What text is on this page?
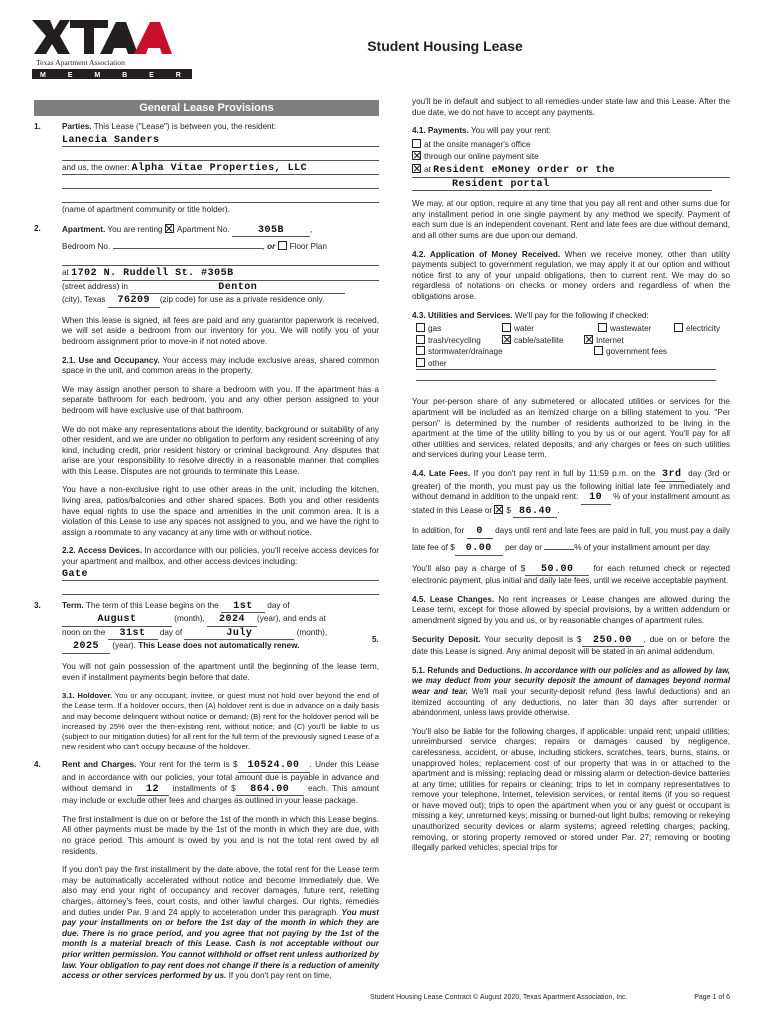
Texas Apartment Association
M E M B E R
Student Housing Lease
General Lease Provisions
1.	Parties. This Lease ("Lease") is between you, the resident:

Lanecia Sanders
and us, the owner: Alpha Vitae Properties, LLC

(name of apartment community or title holder).

2.	Apartment. You are renting Apartment No.	305B	,

Bedroom No.	, or Floor Plan

at 1702 N. Ruddell St. #305B

(street address) in	Denton

(city), Texas 76209 (zip code) for use as a private residence only.

When this lease is signed, all fees are paid and any guarantor paperwork is received, we will set aside a bedroom from our inventory for you. We will notify you of your bedroom assignment prior to move-in if not noted above.

2.1. Use and Occupancy. Your access may include exclusive areas, shared common space in the unit, and common areas in the property.

We may assign another person to share a bedroom with you. If the apartment has a separate bathroom for each bedroom, you and any other person assigned to your bedroom will have exclusive use of that bathroom.

We do not make any representations about the identity, background or suitability of any other resident, and we are under no obligation to perform any resident screening of any kind, including credit, prior resident history or criminal background. Any disputes that arise are your responsibility to resolve directly in a reasonable manner that complies with this Lease. Disputes are not grounds to terminate this Lease.

You have a non-exclusive right to use other areas in the unit, including the kitchen, living area, patios/balconies and other shared spaces. Both you and other residents have equal rights to use the space and amenities in the unit common area. It is a violation of this Lease to use any spaces not assigned to you, and we have the right to assign a roommate to any vacancy at any time with or without notice.

2.2. Access Devices. In accordance with our policies, you'll receive access devices for your apartment and mailbox, and other access devices including:

Gate
3.	Term. The term of this Lease begins on the 1st day of

August	(month), 2024 (year), and ends at

noon on the 31st day of	July	(month),

2025 (year). This Lease does not automatically renew.

You will not gain possession of the apartment until the beginning of the lease term, even if installment payments begin before that date.

3.1. Holdover. You or any occupant, invitee, or guest must not hold over beyond the end of the Lease term. If a holdover occurs, then (A) holdover rent is due in advance on a daily basis and may become delinquent without notice or demand; (B) rent for the holdover period will be increased by 25% over the then-existing rent, without notice; and (C) you'll be liable to us (subject to our mitigation duties) for all rent for the full term of the previously signed Lease of a new resident who can't occupy because of the holdover.

4.	Rent and Charges. Your rent for the term is $ 10524.00 . Under this Lease and in accordance with our policies, your total amount due is payable in advance and without demand in 12 installments of $ 864.00 each. This amount may include or exclude other fees and charges as outlined in your lease package.

The first installment is due on or before the 1st of the month in which this Lease begins. All other payments must be made by the 1st of the month in which they are due, with no grace period. This amount is owed by you and is not the total rent owed by all residents.

If you don't pay the first installment by the date above, the total rent for the Lease term may be automatically accelerated without notice and become immediately due. We also may end your right of occupancy and recover damages, future rent, reletting charges, attorney's fees, court costs, and other lawful charges. Our rights, remedies and duties under Par. 9 and 24 apply to acceleration under this paragraph. You must pay your installments on or before the 1st day of the month in which they are due. There is no grace period, and you agree that not paying by the 1st of the month is a material breach of this Lease. Cash is not acceptable without our prior written permission. You cannot withhold or offset rent unless authorized by law. Your obligation to pay rent does not change if there is a reduction of amenity access or other services performed by us. If you don't pay rent on time,

you'll be in default and subject to all remedies under state law and this Lease. After the due date, we do not have to accept any payments.

4.1. Payments. You will pay your rent:

at the onsite manager's office
through our online payment site
at Resident eMoney order or the
Resident portal

We may, at our option, require at any time that you pay all rent and other sums due for any installment period in one single payment by any method we specify. Payment of each sum due is an independent covenant. Rent and late fees are due without demand, and all other sums are due upon our demand.

4.2. Application of Money Received. When we receive money, other than utility payments subject to government regulation, we may apply it at our option and without notice first to any of your unpaid obligations, then to current rent. We may do so regardless of notations on checks or money orders and regardless of when the obligations arose.

4.3. Utilities and Services. We'll pay for the following if checked:

gas	water	wastewater	electricity
trash/recycling	cable/satellite	Internet
stormwater/drainage	government fees
other

Your per-person share of any submetered or allocated utilities or services for the apartment will be included as an itemized charge on a billing statement to you. "Per person" is determined by the number of residents authorized to be living in the apartment at the time of the utility billing to you by us or our agent. You'll pay for all other utilities and services, related deposits, and any charges or fees on such utilities and services during your Lease term.

4.4. Late Fees. If you don't pay rent in full by 11:59 p.m. on the 3rd day (3rd or greater) of the month, you must pay us the following initial late fee immediately and without demand in addition to the unpaid rent: 10 % of your installment amount as stated in this Lease or $ 86.40 .

In addition, for 0 days until rent and late fees are paid in full, you must pay a daily late fee of $ 0.00 per day or	% of your installment amount per day.

You'll also pay a charge of $ 50.00 for each returned check or rejected electronic payment, plus initial and daily late fees, until we receive acceptable payment.

4.5. Lease Changes. No rent increases or Lease changes are allowed during the Lease term, except for those allowed by special provisions, by a written addendum or amendment signed by you and us, or by reasonable changes of apartment rules.

5.	Security Deposit. Your security deposit is $ 250.00 , due on or before the date this Lease is signed. Any animal deposit will be stated in an animal addendum.

5.1. Refunds and Deductions. In accordance with our policies and as allowed by law, we may deduct from your security deposit the amount of damages beyond normal wear and tear. We'll mail your security-deposit refund (less lawful deductions) and an itemized accounting of any deductions, no later than 30 days after surrender or abandonment, unless laws provide otherwise.

You'll also be liable for the following charges, if applicable: unpaid rent; unpaid utilities; unreimbursed service charges; repairs or damages caused by negligence, carelessness, accident, or abuse, including stickers, scratches, tears, burns, stains, or unapproved holes; replacement cost of our property that was in or attached to the apartment and is missing; replacing dead or missing alarm or detection-device batteries at any time; utilities for repairs or cleaning; trips to let in company representatives to remove your telephone, Internet, television services, or rental items (if you so request or have moved out); trips to open the apartment when you or any guest or occupant is missing a key; unreturned keys; missing or burned-out light bulbs; removing or rekeying unauthorized security devices or alarm systems; agreed reletting charges; packing, removing, or storing property removed or stored under Par. 27; removing or booting illegally parked vehicles; special trips for

Student Housing Lease Contract © August 2020, Texas Apartment Association, Inc.	Page 1 of 6
